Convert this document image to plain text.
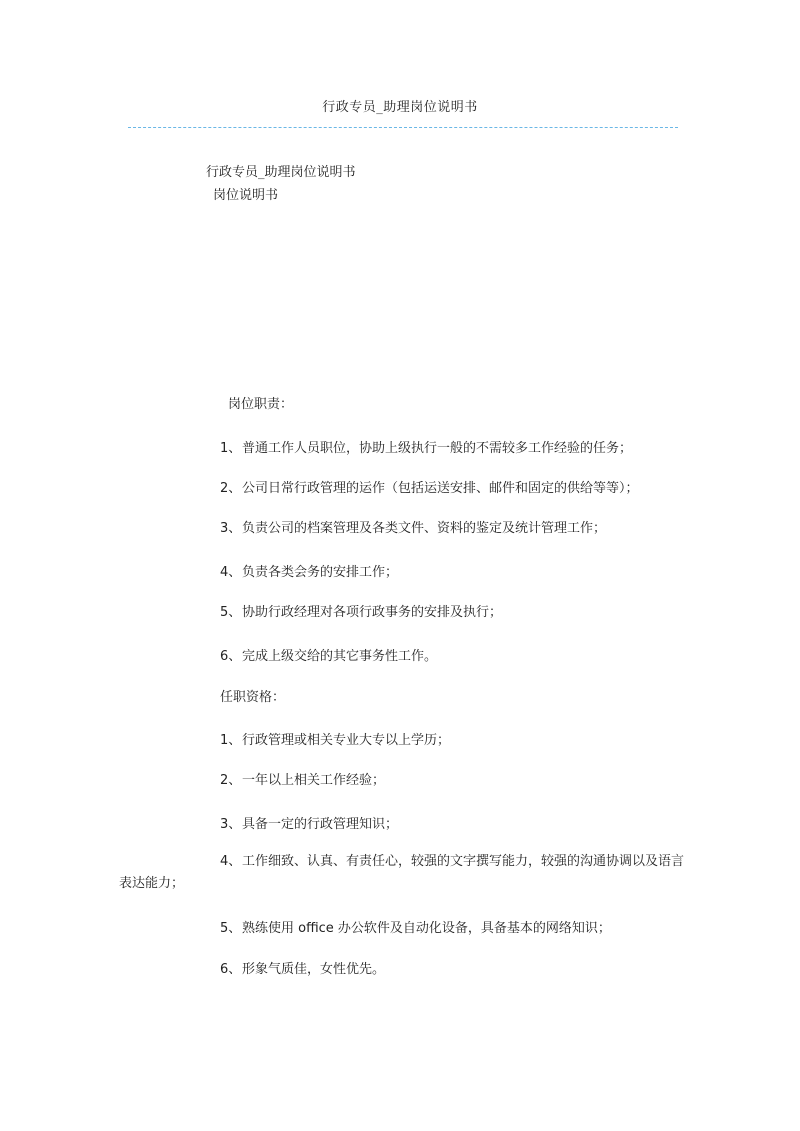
行政专员_助理岗位说明书
行政专员_助理岗位说明书
岗位说明书
岗位职责：
1、普通工作人员职位，协助上级执行一般的不需较多工作经验的任务；
2、公司日常行政管理的运作（包括运送安排、邮件和固定的供给等等）；
3、负责公司的档案管理及各类文件、资料的鉴定及统计管理工作；
4、负责各类会务的安排工作；
5、协助行政经理对各项行政事务的安排及执行；
6、完成上级交给的其它事务性工作。
任职资格：
1、行政管理或相关专业大专以上学历；
2、一年以上相关工作经验；
3、具备一定的行政管理知识；
4、工作细致、认真、有责任心，较强的文字撰写能力，较强的沟通协调以及语言表达能力；
5、熟练使用 office 办公软件及自动化设备，具备基本的网络知识；
6、形象气质佳，女性优先。
